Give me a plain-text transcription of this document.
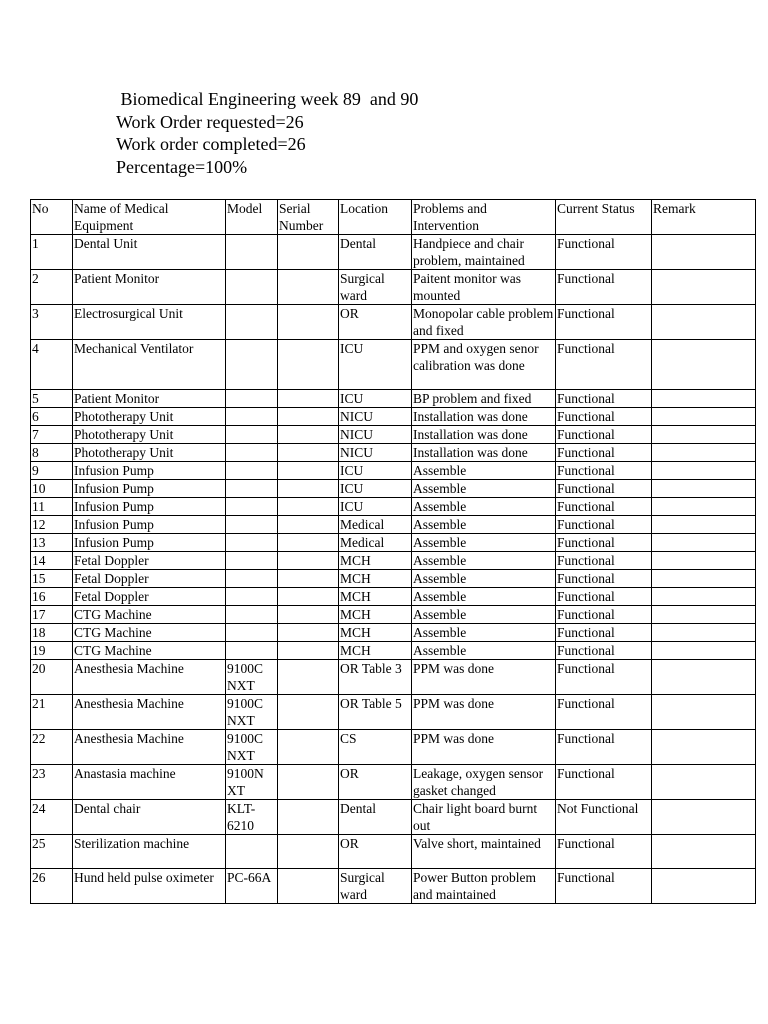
Biomedical Engineering week 89  and 90
Work Order requested=26
Work order completed=26
Percentage=100%
No	Name of Medical Equipment	Model	Serial Number	Location	Problems and Intervention	Current Status	Remark
1	Dental Unit			Dental	Handpiece and chair problem, maintained	Functional	
2	Patient Monitor			Surgical ward	Paitent monitor was mounted	Functional	
3	Electrosurgical Unit			OR	Monopolar cable problem and fixed	Functional	
4	Mechanical Ventilator			ICU	PPM and oxygen senor calibration was done	Functional	
5	Patient Monitor			ICU	BP problem and fixed	Functional	
6	Phototherapy Unit			NICU	Installation was done	Functional	
7	Phototherapy Unit			NICU	Installation was done	Functional	
8	Phototherapy Unit			NICU	Installation was done	Functional	
9	Infusion Pump			ICU	Assemble	Functional	
10	Infusion Pump			ICU	Assemble	Functional	
11	Infusion Pump			ICU	Assemble	Functional	
12	Infusion Pump			Medical	Assemble	Functional	
13	Infusion Pump			Medical	Assemble	Functional	
14	Fetal Doppler			MCH	Assemble	Functional	
15	Fetal Doppler			MCH	Assemble	Functional	
16	Fetal Doppler			MCH	Assemble	Functional	
17	CTG Machine			MCH	Assemble	Functional	
18	CTG Machine			MCH	Assemble	Functional	
19	CTG Machine			MCH	Assemble	Functional	
20	Anesthesia Machine	9100C NXT		OR Table 3	PPM was done	Functional	
21	Anesthesia Machine	9100C NXT		OR Table 5	PPM was done	Functional	
22	Anesthesia Machine	9100C NXT		CS	PPM was done	Functional	
23	Anastasia machine	9100N XT		OR	Leakage, oxygen sensor gasket changed	Functional	
24	Dental chair	KLT-6210		Dental	Chair light board burnt out	Not Functional	
25	Sterilization machine			OR	Valve short, maintained	Functional	
26	Hund held pulse oximeter	PC-66A		Surgical ward	Power Button problem and maintained	Functional	
